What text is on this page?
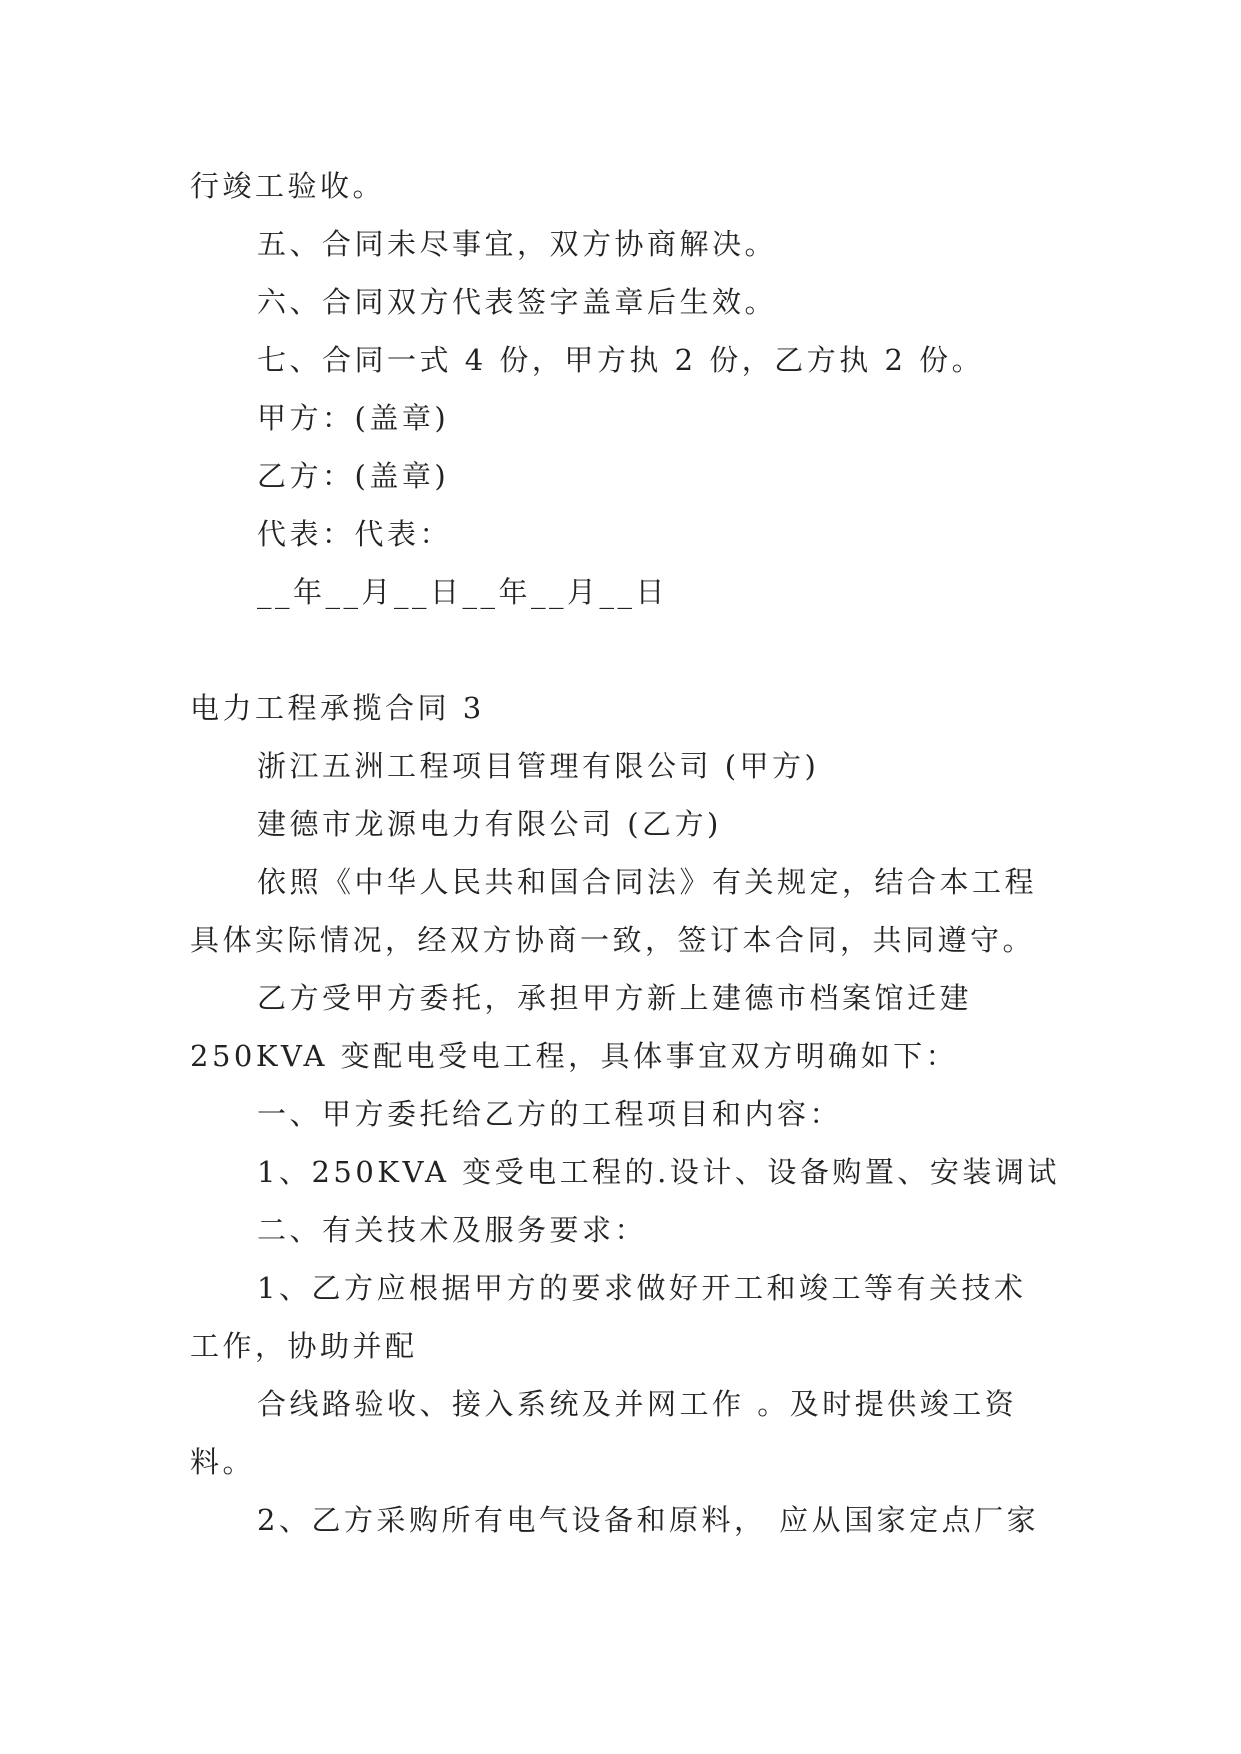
行竣工验收。
五、合同未尽事宜，双方协商解决。
六、合同双方代表签字盖章后生效。
七、合同一式 4 份，甲方执 2 份，乙方执 2 份。
甲方：(盖章)
乙方：(盖章)
代表：代表：
__年__月__日__年__月__日
电力工程承揽合同 3
浙江五洲工程项目管理有限公司 (甲方)
建德市龙源电力有限公司 (乙方)
依照《中华人民共和国合同法》有关规定，结合本工程
具体实际情况，经双方协商一致，签订本合同，共同遵守。
乙方受甲方委托，承担甲方新上建德市档案馆迁建
250KVA 变配电受电工程，具体事宜双方明确如下：
一、甲方委托给乙方的工程项目和内容：
1、250KVA 变受电工程的.设计、设备购置、安装调试
二、有关技术及服务要求：
1、乙方应根据甲方的要求做好开工和竣工等有关技术
工作，协助并配
合线路验收、接入系统及并网工作 。及时提供竣工资
料。
2、乙方采购所有电气设备和原料， 应从国家定点厂家
